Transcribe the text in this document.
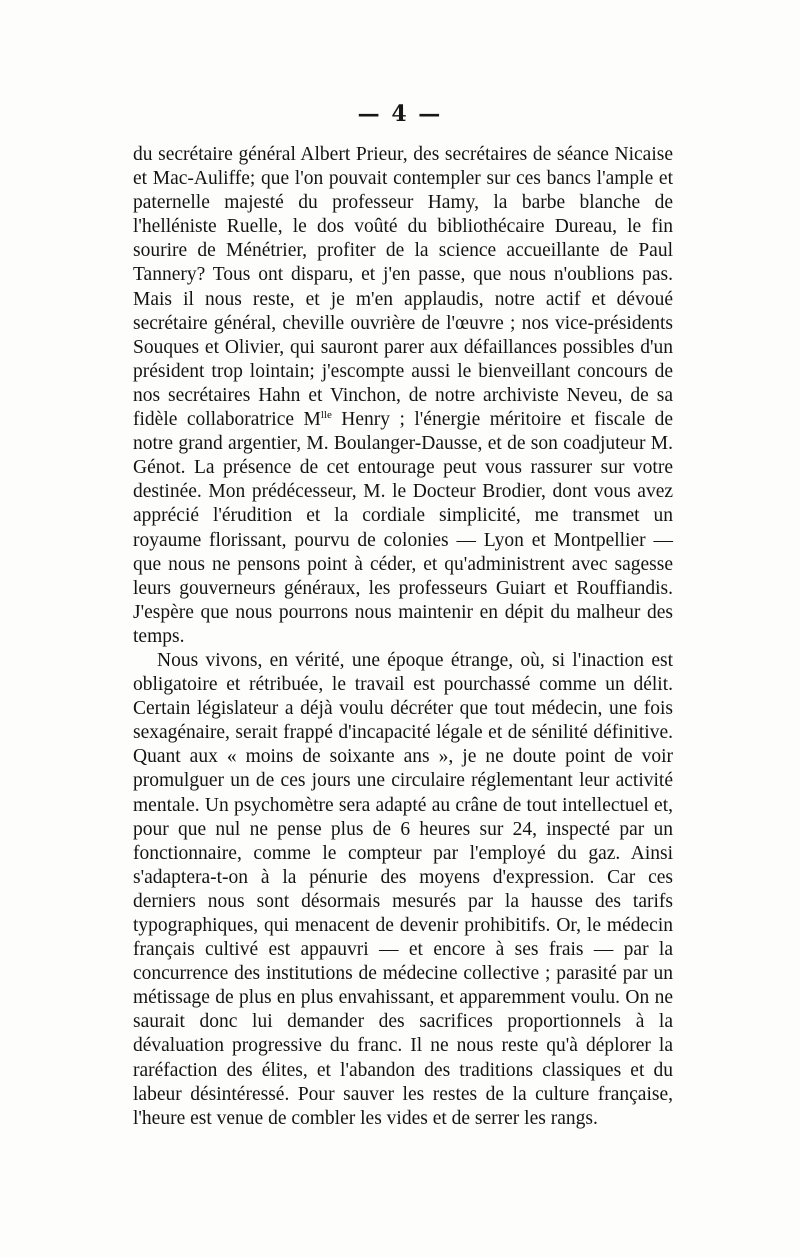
— 4 —

du secrétaire général Albert Prieur, des secrétaires de séance Nicaise et Mac-Auliffe; que l'on pouvait contempler sur ces bancs l'ample et paternelle majesté du professeur Hamy, la barbe blanche de l'helléniste Ruelle, le dos voûté du bibliothécaire Dureau, le fin sourire de Ménétrier, profiter de la science accueillante de Paul Tannery? Tous ont disparu, et j'en passe, que nous n'oublions pas. Mais il nous reste, et je m'en applaudis, notre actif et dévoué secrétaire général, cheville ouvrière de l'œuvre ; nos vice-présidents Souques et Olivier, qui sauront parer aux défaillances possibles d'un président trop lointain; j'escompte aussi le bienveillant concours de nos secrétaires Hahn et Vinchon, de notre archiviste Neveu, de sa fidèle collaboratrice $M^{lle}$ Henry ; l'énergie méritoire et fiscale de notre grand argentier, M. Boulanger-Dausse, et de son coadjuteur M. Génot. La présence de cet entourage peut vous rassurer sur votre destinée. Mon prédécesseur, M. le Docteur Brodier, dont vous avez apprécié l'érudition et la cordiale simplicité, me transmet un royaume florissant, pourvu de colonies — Lyon et Montpellier — que nous ne pensons point à céder, et qu'administrent avec sagesse leurs gouverneurs généraux, les professeurs Guiart et Rouffiandis. J'espère que nous pourrons nous maintenir en dépit du malheur des temps.

Nous vivons, en vérité, une époque étrange, où, si l'inaction est obligatoire et rétribuée, le travail est pourchassé comme un délit. Certain législateur a déjà voulu décréter que tout médecin, une fois sexagénaire, serait frappé d'incapacité légale et de sénilité définitive. Quant aux « moins de soixante ans », je ne doute point de voir promulguer un de ces jours une circulaire réglementant leur activité mentale. Un psychomètre sera adapté au crâne de tout intellectuel et, pour que nul ne pense plus de 6 heures sur 24, inspecté par un fonctionnaire, comme le compteur par l'employé du gaz. Ainsi s'adaptera-t-on à la pénurie des moyens d'expression. Car ces derniers nous sont désormais mesurés par la hausse des tarifs typographiques, qui menacent de devenir prohibitifs. Or, le médecin français cultivé est appauvri — et encore à ses frais — par la concurrence des institutions de médecine collective ; parasité par un métissage de plus en plus envahissant, et apparemment voulu. On ne saurait donc lui demander des sacrifices proportionnels à la dévaluation progressive du franc. Il ne nous reste qu'à déplorer la raréfaction des élites, et l'abandon des traditions classiques et du labeur désintéressé. Pour sauver les restes de la culture française, l'heure est venue de combler les vides et de serrer les rangs.
